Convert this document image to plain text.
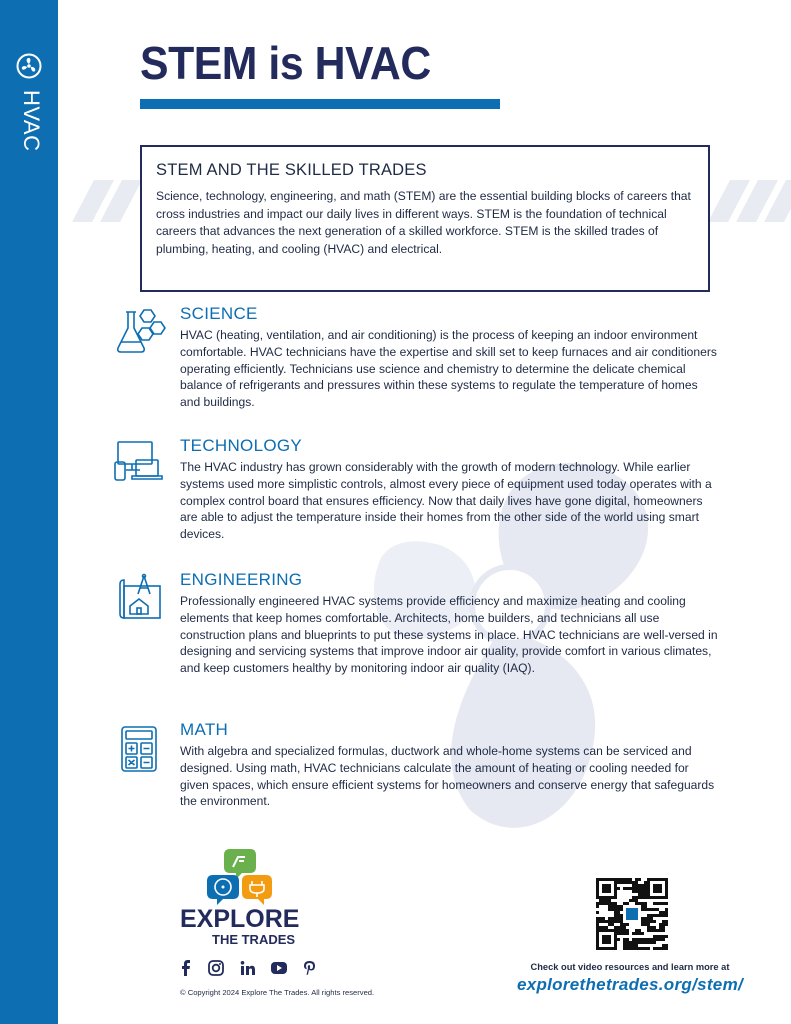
HVAC
STEM is HVAC
STEM AND THE SKILLED TRADES

Science, technology, engineering, and math (STEM) are the essential building blocks of careers that cross industries and impact our daily lives in different ways. STEM is the foundation of technical careers that advances the next generation of a skilled workforce. STEM is the skilled trades of plumbing, heating, and cooling (HVAC) and electrical.

SCIENCE

HVAC (heating, ventilation, and air conditioning) is the process of keeping an indoor environment comfortable. HVAC technicians have the expertise and skill set to keep furnaces and air conditioners operating efficiently. Technicians use science and chemistry to determine the delicate chemical balance of refrigerants and pressures within these systems to regulate the temperature of homes and buildings.

TECHNOLOGY

The HVAC industry has grown considerably with the growth of modern technology. While earlier systems used more simplistic controls, almost every piece of equipment used today operates with a complex control board that ensures efficiency. Now that daily lives have gone digital, homeowners are able to adjust the temperature inside their homes from the other side of the world using smart devices.

ENGINEERING

Professionally engineered HVAC systems provide efficiency and maximize heating and cooling elements that keep homes comfortable. Architects, home builders, and technicians all use construction plans and blueprints to put these systems in place. HVAC technicians are well-versed in designing and servicing systems that improve indoor air quality, provide comfort in various climates, and keep customers healthy by monitoring indoor air quality (IAQ).

MATH

With algebra and specialized formulas, ductwork and whole-home systems can be serviced and designed. Using math, HVAC technicians calculate the amount of heating or cooling needed for given spaces, which ensure efficient systems for homeowners and conserve energy that safeguards the environment.

EXPLORE
THE TRADES
© Copyright 2024 Explore The Trades. All rights reserved.
Check out video resources and learn more at
explorethetrades.org/stem/
